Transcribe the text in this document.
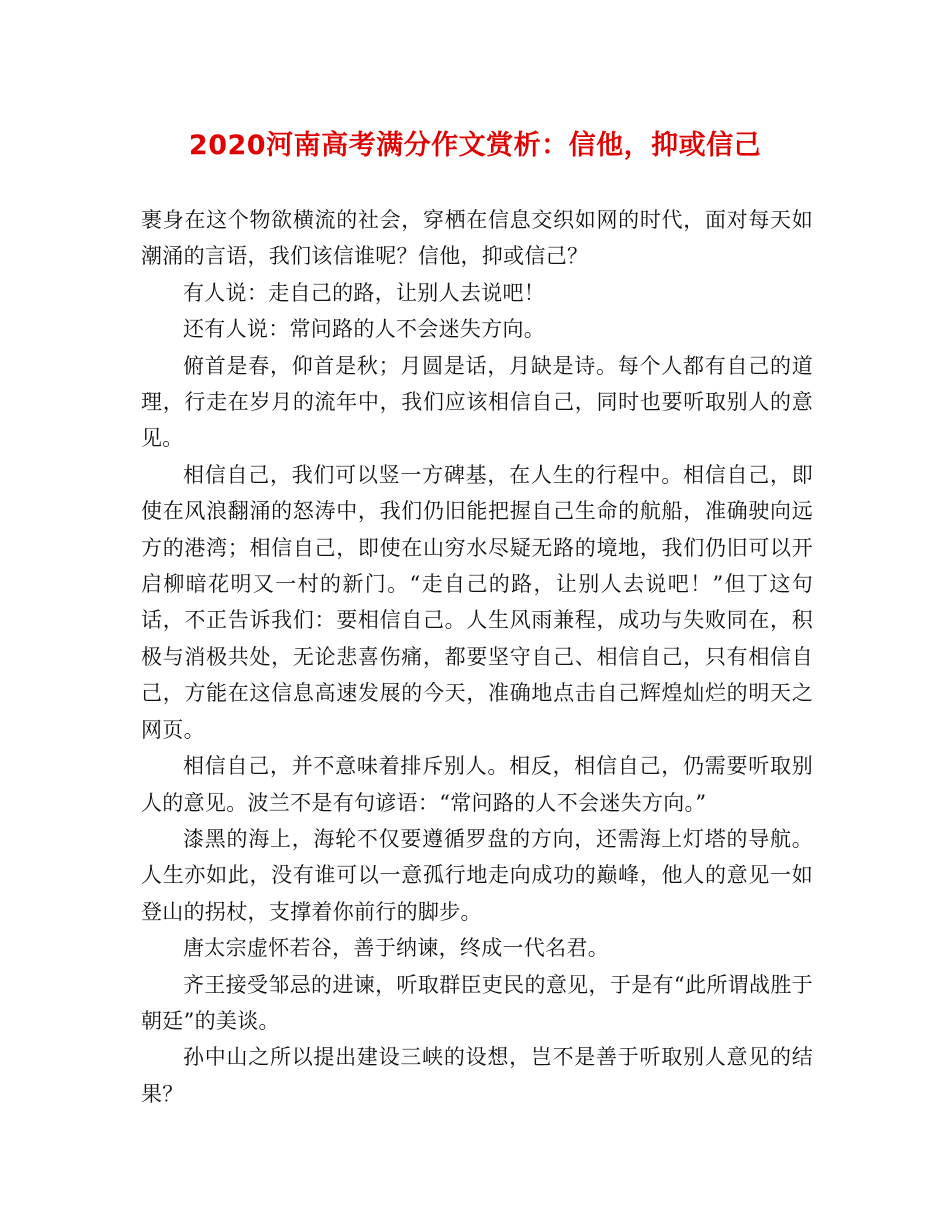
2020河南高考满分作文赏析：信他，抑或信己

裹身在这个物欲横流的社会，穿栖在信息交织如网的时代，面对每天如潮涌的言语，我们该信谁呢？信他，抑或信己？

有人说：走自己的路，让别人去说吧！

还有人说：常问路的人不会迷失方向。

俯首是春，仰首是秋；月圆是话，月缺是诗。每个人都有自己的道理，行走在岁月的流年中，我们应该相信自己，同时也要听取别人的意见。

相信自己，我们可以竖一方碑基，在人生的行程中。相信自己，即使在风浪翻涌的怒涛中，我们仍旧能把握自己生命的航船，准确驶向远方的港湾；相信自己，即使在山穷水尽疑无路的境地，我们仍旧可以开启柳暗花明又一村的新门。“走自己的路，让别人去说吧！”但丁这句话，不正告诉我们：要相信自己。人生风雨兼程，成功与失败同在，积极与消极共处，无论悲喜伤痛，都要坚守自己、相信自己，只有相信自己，方能在这信息高速发展的今天，准确地点击自己辉煌灿烂的明天之网页。

相信自己，并不意味着排斥别人。相反，相信自己，仍需要听取别人的意见。波兰不是有句谚语：“常问路的人不会迷失方向。”

漆黑的海上，海轮不仅要遵循罗盘的方向，还需海上灯塔的导航。人生亦如此，没有谁可以一意孤行地走向成功的巅峰，他人的意见一如登山的拐杖，支撑着你前行的脚步。

唐太宗虚怀若谷，善于纳谏，终成一代名君。

齐王接受邹忌的进谏，听取群臣吏民的意见，于是有“此所谓战胜于朝廷”的美谈。

孙中山之所以提出建设三峡的设想，岂不是善于听取别人意见的结果？
